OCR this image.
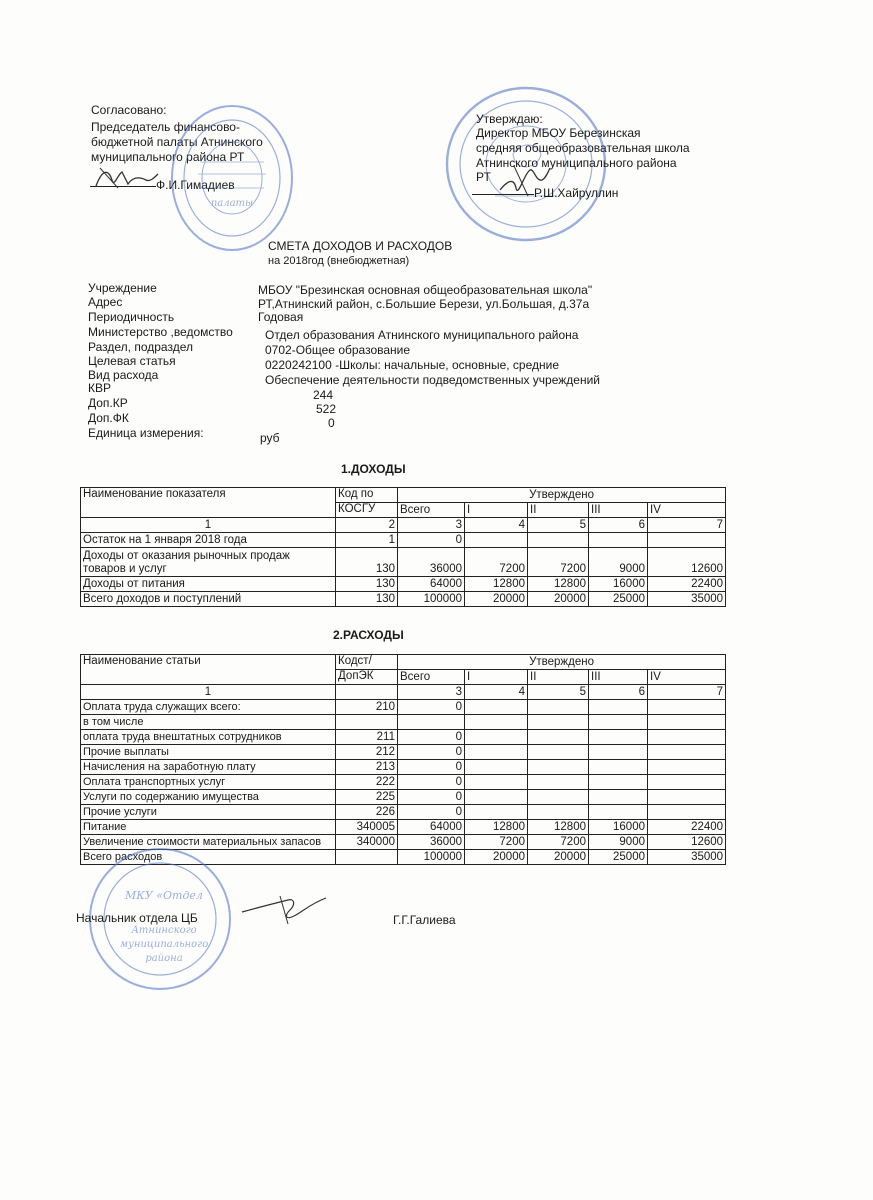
Согласовано:
Председатель финансово-
бюджетной палаты Атнинского
муниципального района РТ
Ф.И.Гимадиев
палаты
Утверждаю:
Директор МБОУ Березинская
средняя общеобразовательная школа
Атнинского муниципального района
РТ
Р.Ш.Хайруллин
СМЕТА ДОХОДОВ И РАСХОДОВ
на 2018год (внебюджетная)
Учреждение	МБОУ "Брезинская основная общеобразовательная школа"
Адрес	РТ,Атнинский район, с.Большие Берези, ул.Большая, д.37а
Периодичность	Годовая
Министерство ,ведомство	Отдел образования Атнинского муниципального района
Раздел, подраздел	0702-Общее образование
Целевая статья	0220242100 -Школы: начальные, основные, средние
Вид расхода	Обеспечение деятельности подведомственных учреждений
КВР	244
Доп.КР	522
Доп.ФК	0
Единица измерения:	руб
1.ДОХОДЫ
Наименование показателя	Код по	Утверждено				
	КОСГУ	Всего	I	II	III	IV
1	2	3	4	5	6	7
Остаток на 1 января 2018 года	1	0				
Доходы от оказания рыночных продаж
товаров и услуг	130	36000	7200	7200	9000	12600
Доходы от питания	130	64000	12800	12800	16000	22400
Всего доходов и поступлений	130	100000	20000	20000	25000	35000
2.РАСХОДЫ
Наименование статьи	Кодст/	Утверждено				
	ДопЭК	Всего	I	II	III	IV
1		3	4	5	6	7
Оплата труда служащих всего:	210	0				
в том числе						
оплата труда внештатных сотрудников	211	0				
Прочие выплаты	212	0				
Начисления на заработную плату	213	0				
Оплата транспортных услуг	222	0				
Услуги по содержанию имущества	225	0				
Прочие услуги	226	0				
Питание	340005	64000	12800	12800	16000	22400
Увеличение стоимости материальных запасов	340000	36000	7200	7200	9000	12600
Всего расходов		100000	20000	20000	25000	35000
МКУ «Отдел
Атнинского
муниципального
района
Начальник отдела ЦБ	Г.Г.Галиева
